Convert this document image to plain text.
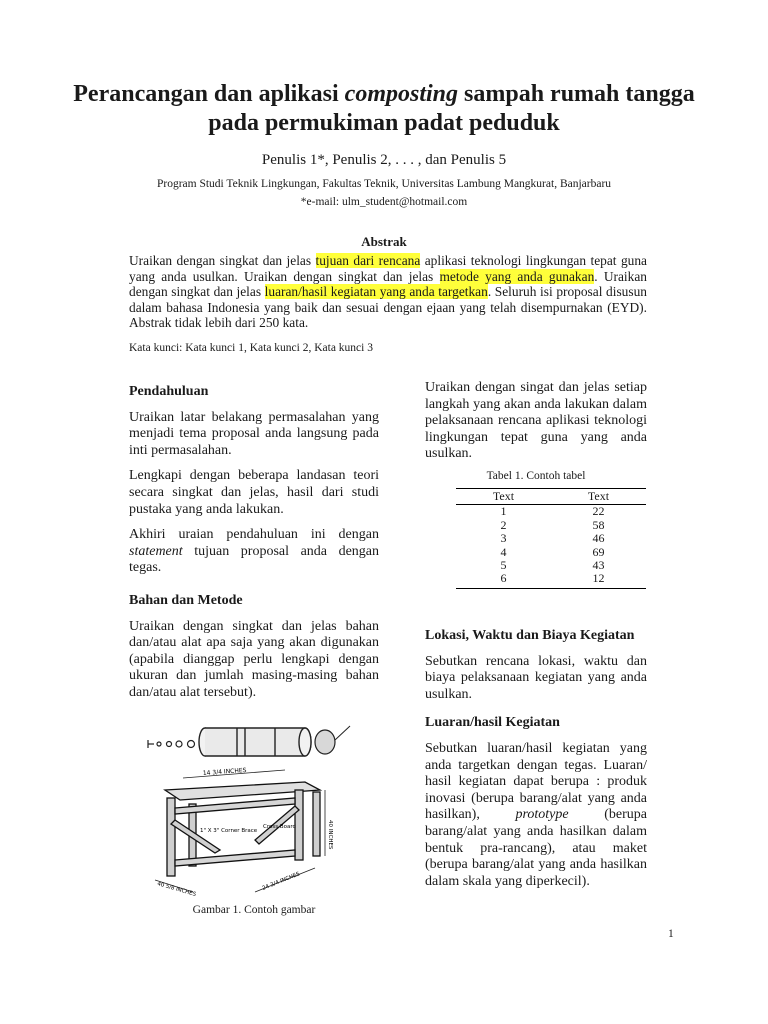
Perancangan dan aplikasi composting sampah rumah tangga pada permukiman padat peduduk
Penulis 1*, Penulis 2, . . . , dan Penulis 5
Program Studi Teknik Lingkungan, Fakultas Teknik, Universitas Lambung Mangkurat, Banjarbaru
*e-mail: ulm_student@hotmail.com
Abstrak
Uraikan dengan singkat dan jelas tujuan dari rencana aplikasi teknologi lingkungan tepat guna yang anda usulkan. Uraikan dengan singkat dan jelas metode yang anda gunakan. Uraikan dengan singkat dan jelas luaran/hasil kegiatan yang anda targetkan. Seluruh isi proposal disusun dalam bahasa Indonesia yang baik dan sesuai dengan ejaan yang telah disempurnakan (EYD). Abstrak tidak lebih dari 250 kata.
Kata kunci: Kata kunci 1, Kata kunci 2, Kata kunci 3
Pendahuluan

Uraikan latar belakang permasalahan yang menjadi tema proposal anda langsung pada inti permasalahan.

Lengkapi dengan beberapa landasan teori secara singkat dan jelas, hasil dari studi pustaka yang anda lakukan.

Akhiri uraian pendahuluan ini dengan statement tujuan proposal anda dengan tegas.

Bahan dan Metode

Uraikan dengan singkat dan jelas bahan dan/atau alat apa saja yang akan digunakan (apabila dianggap perlu lengkapi dengan ukuran dan jumlah masing-masing bahan dan/atau alat tersebut).

14 3/4 INCHES
1" X 3" Corner Brace
Cross Board	40 INCHES
40 5/8 INCHES	24 3/4 INCHES
Gambar 1. Contoh gambar

Uraikan dengan singat dan jelas setiap langkah yang akan anda lakukan dalam pelaksanaan rencana aplikasi teknologi lingkungan tepat guna yang anda usulkan.

Tabel 1. Contoh tabel
Text	Text
1	22
2	58
3	46
4	69
5	43
6	12
Lokasi, Waktu dan Biaya Kegiatan

Sebutkan rencana lokasi, waktu dan biaya pelaksanaan kegiatan yang anda usulkan.

Luaran/hasil Kegiatan

Sebutkan luaran/hasil kegiatan yang anda targetkan dengan tegas. Luaran/ hasil kegiatan dapat berupa : produk inovasi (berupa barang/alat yang anda hasilkan), prototype (berupa barang/alat yang anda hasilkan dalam bentuk pra-rancang), atau maket (berupa barang/alat yang anda hasilkan dalam skala yang diperkecil).

1
